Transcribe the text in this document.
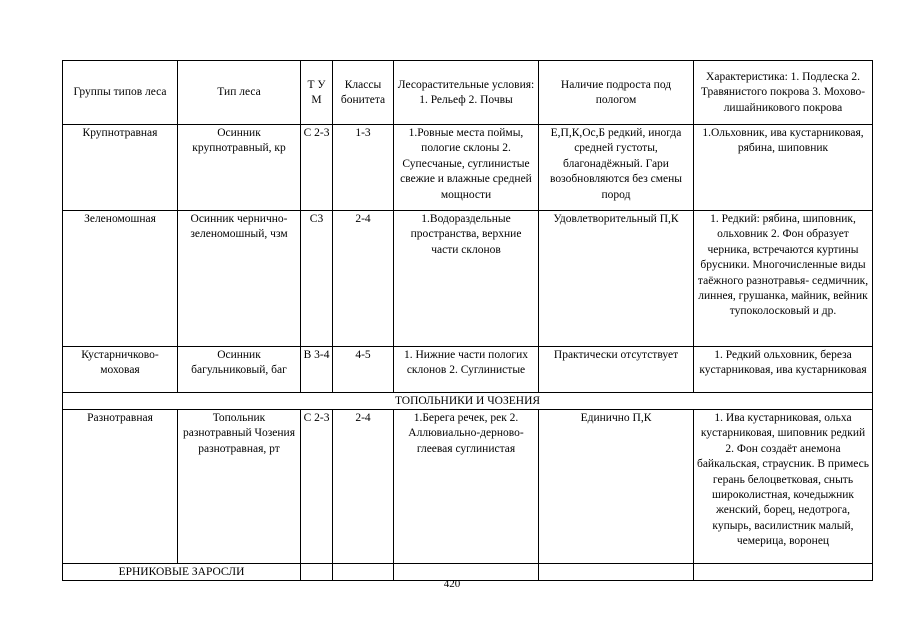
Группы типов леса	Тип леса	Т У М	Классы бонитета	Лесорастительные условия: 1. Рельеф 2. Почвы	Наличие подроста под пологом	Характеристика: 1. Подлеска 2. Травянистого покрова 3. Мохово-лишайникового покрова
Крупнотравная	Осинник крупнотравный, кр	С 2-3	1-3	1.Ровные места поймы, пологие склоны 2. Супесчаные, суглинистые свежие и влажные средней мощности	Е,П,К,Ос,Б редкий, иногда средней густоты, благонадёжный. Гари возобновляются без смены пород	1.Ольховник, ива кустарниковая, рябина, шиповник
Зеленомошная	Осинник чернично-зеленомошный, чзм	С3	2-4	1.Водораздельные пространства, верхние части склонов	Удовлетворительный П,К	1. Редкий: рябина, шиповник, ольховник 2. Фон образует черника, встречаются куртины брусники. Многочисленные виды таёжного разнотравья- седмичник, линнея, грушанка, майник, вейник тупоколосковый и др.
Кустарничково-моховая	Осинник багульниковый, баг	В 3-4	4-5	1. Нижние части пологих склонов 2. Суглинистые	Практически отсутствует	1. Редкий ольховник, береза кустарниковая, ива кустарниковая
ТОПОЛЬНИКИ И ЧОЗЕНИЯ						
Разнотравная	Топольник разнотравный Чозения разнотравная, рт	С 2-3	2-4	1.Берега речек, рек 2. Аллювиально-дерново-глеевая суглинистая	Единично П,К	1. Ива кустарниковая, ольха кустарниковая, шиповник редкий 2. Фон создаёт анемона байкальская, страусник. В примесь герань белоцветковая, сныть широколистная, кочедыжник женский, борец, недотрога, купырь, василистник малый, чемерица, воронец
ЕРНИКОВЫЕ ЗАРОСЛИ						
420
